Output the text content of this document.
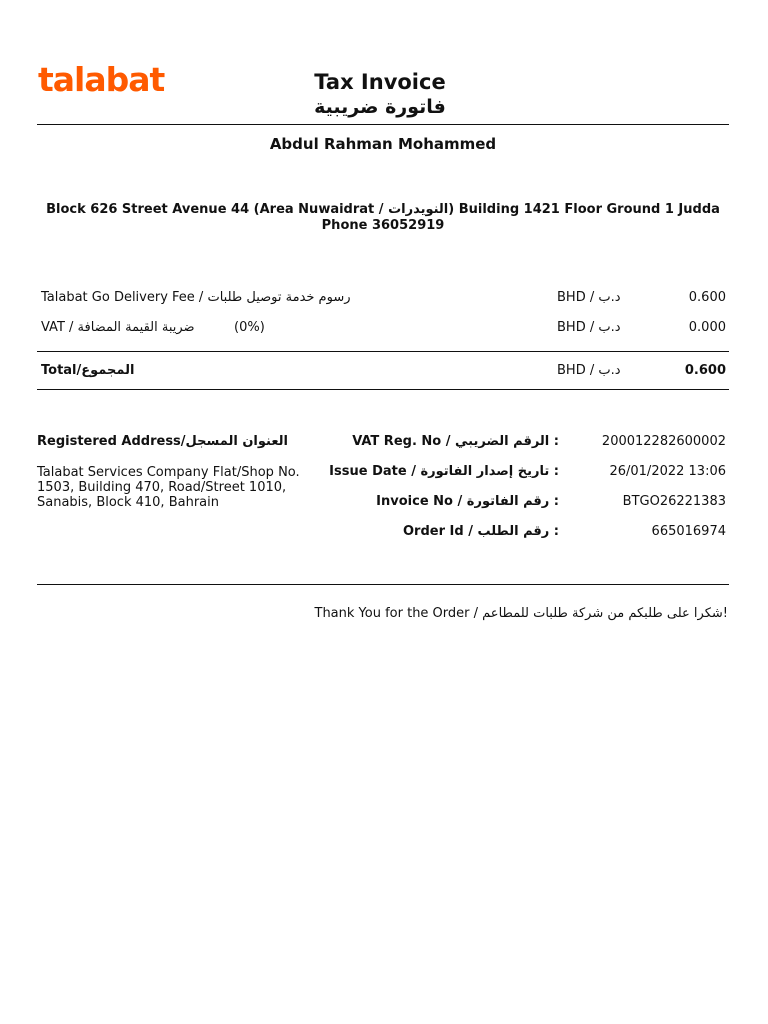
talabat	Tax Invoice
فاتورة ضريبية
Abdul Rahman Mohammed
Block 626 Street Avenue 44 (Area Nuwaidrat / النويدرات) Building 1421 Floor Ground 1 Judda
Phone 36052919
Talabat Go Delivery Fee / رسوم خدمة توصيل طلبات	BHD / د.ب	0.600
VAT / ضريبة القيمة المضافة	(0%)	BHD / د.ب	0.000
Total/المجموع	BHD / د.ب	0.600
Registered Address/العنوان المسجل
Talabat Services Company Flat/Shop No. 1503, Building 470, Road/Street 1010, Sanabis, Block 410, Bahrain
VAT Reg. No / الرقم الضريبي :	200012282600002
Issue Date / تاريخ إصدار الفاتورة :	26/01/2022 13:06
Invoice No / رقم الفاتورة :	BTGO26221383
Order Id / رقم الطلب :	665016974
Thank You for the Order / شكرا على طلبكم من شركة طلبات للمطاعم!
